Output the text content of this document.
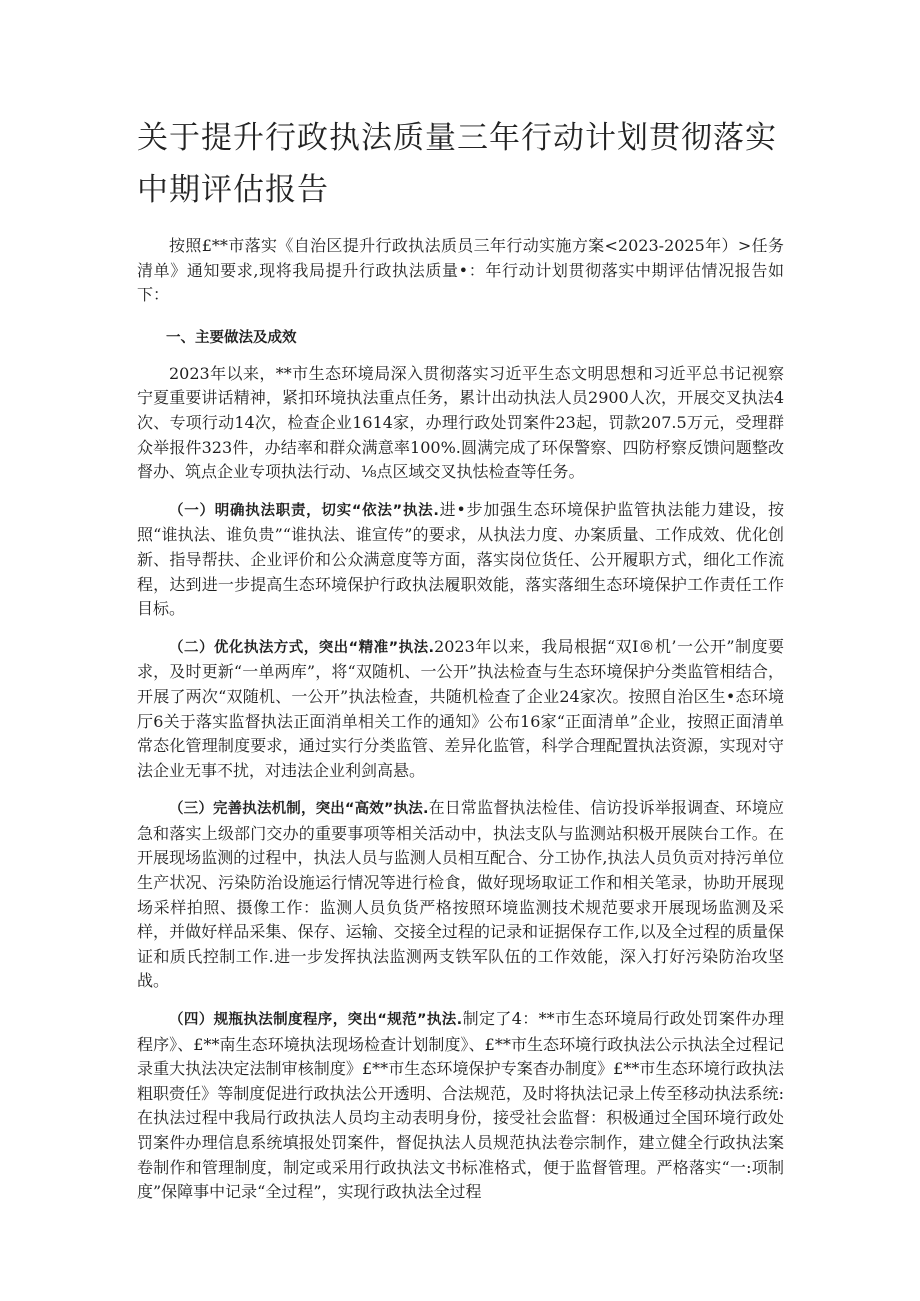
关于提升行政执法质量三年行动计划贯彻落实中期评估报告

按照£**市落实《自治区提升行政执法质员三年行动实施方案<2023-2025年）>任务清单》通知要求,现将我局提升行政执法质量•：年行动计划贯彻落实中期评估情况报告如下：

一、主要做法及成效

2023年以来，**市生态环境局深入贯彻落实习近平生态文明思想和习近平总书记视察宁夏重要讲话精神，紧扣环境执法重点任务，累计出动执法人员2900人次，开展交叉执法4次、专项行动14次，检查企业1614家，办理行政处罚案件23起，罚款207.5万元，受理群众举报件323件，办结率和群众满意率100%.圆满完成了环保警察、四防杼察反馈问题整改督办、筑点企业专项执法行动、⅛点区域交叉执怯检查等任务。

（一）明确执法职责，切实“依法”执法.进•步加强生态环境保护监管执法能力建设，按照“谁执法、谁负贵”“谁执法、谁宣传”的要求，从执法力度、办案质量、工作成效、优化创新、指导帮扶、企业评价和公众满意度等方面，落实岗位货任、公开履职方式，细化工作流程，达到进一步提高生态环境保护行政执法履职效能，落实落细生态环境保护工作责任工作目标。

（二）优化执法方式，突出“精准”执法.2023年以来，我局根据“双I®机’一公开”制度要求，及时更新“一单两库”，将“双随机、一公开”执法检查与生态环境保护分类监管相结合，开展了两次“双随机、一公开”执法检查，共随机检查了企业24家次。按照自治区生•态环境厅6关于落实监督执法正面消单相关工作的通知》公布16家“正面清单”企业，按照正面清单常态化管理制度要求，通过实行分类监管、差异化监管，科学合理配置执法资源，实现对守法企业无事不扰，对违法企业利剑高悬。

（三）完善执法机制，突出“高效”执法.在日常监督执法检佳、信访投诉举报调查、环境应急和落实上级部门交办的重要事项等相关活动中，执法支队与监测站积极开展陕台工作。在开展现场监测的过程中，执法人员与监测人员相互配合、分工协作,执法人员负贡对持污单位生产状况、污染防治设施运行情况等进行检食，做好现场取证工作和相关笔录，协助开展现场采样拍照、摄像工作：监测人员负货严格按照环境监测技术规范要求开展现场监测及采样，并做好样品采集、保存、运输、交接全过程的记录和证据保存工作,以及全过程的质量保证和质氏控制工作.进一步发挥执法监测两支铁军队伍的工作效能，深入打好污染防治攻坚战。

（四）规瓶执法制度程序，突出“规范”执法.制定了4：**市生态环境局行政处罚案件办理程序》、£**南生态环境执法现场检查计划制度》、£**市生态环境行政执法公示执法全过程记录重大执法决定法制审核制度》£**市生态环境保护专案杳办制度》£**市生态环境行政执法粗职赍任》等制度促进行政执法公开透明、合法规范，及时将执法记录上传至移动执法系统:在执法过程中我局行政执法人员均主动表明身份，接受社会监督：积极通过全国环境行政处罚案件办理信息系统填报处罚案件，督促执法人员规范执法卷宗制作，建立健全行政执法案卷制作和管理制度，制定或采用行政执法文书标准格式，便于监督管理。严格落实“一:项制度”保障事中记录“全过程”，实现行政执法全过程
